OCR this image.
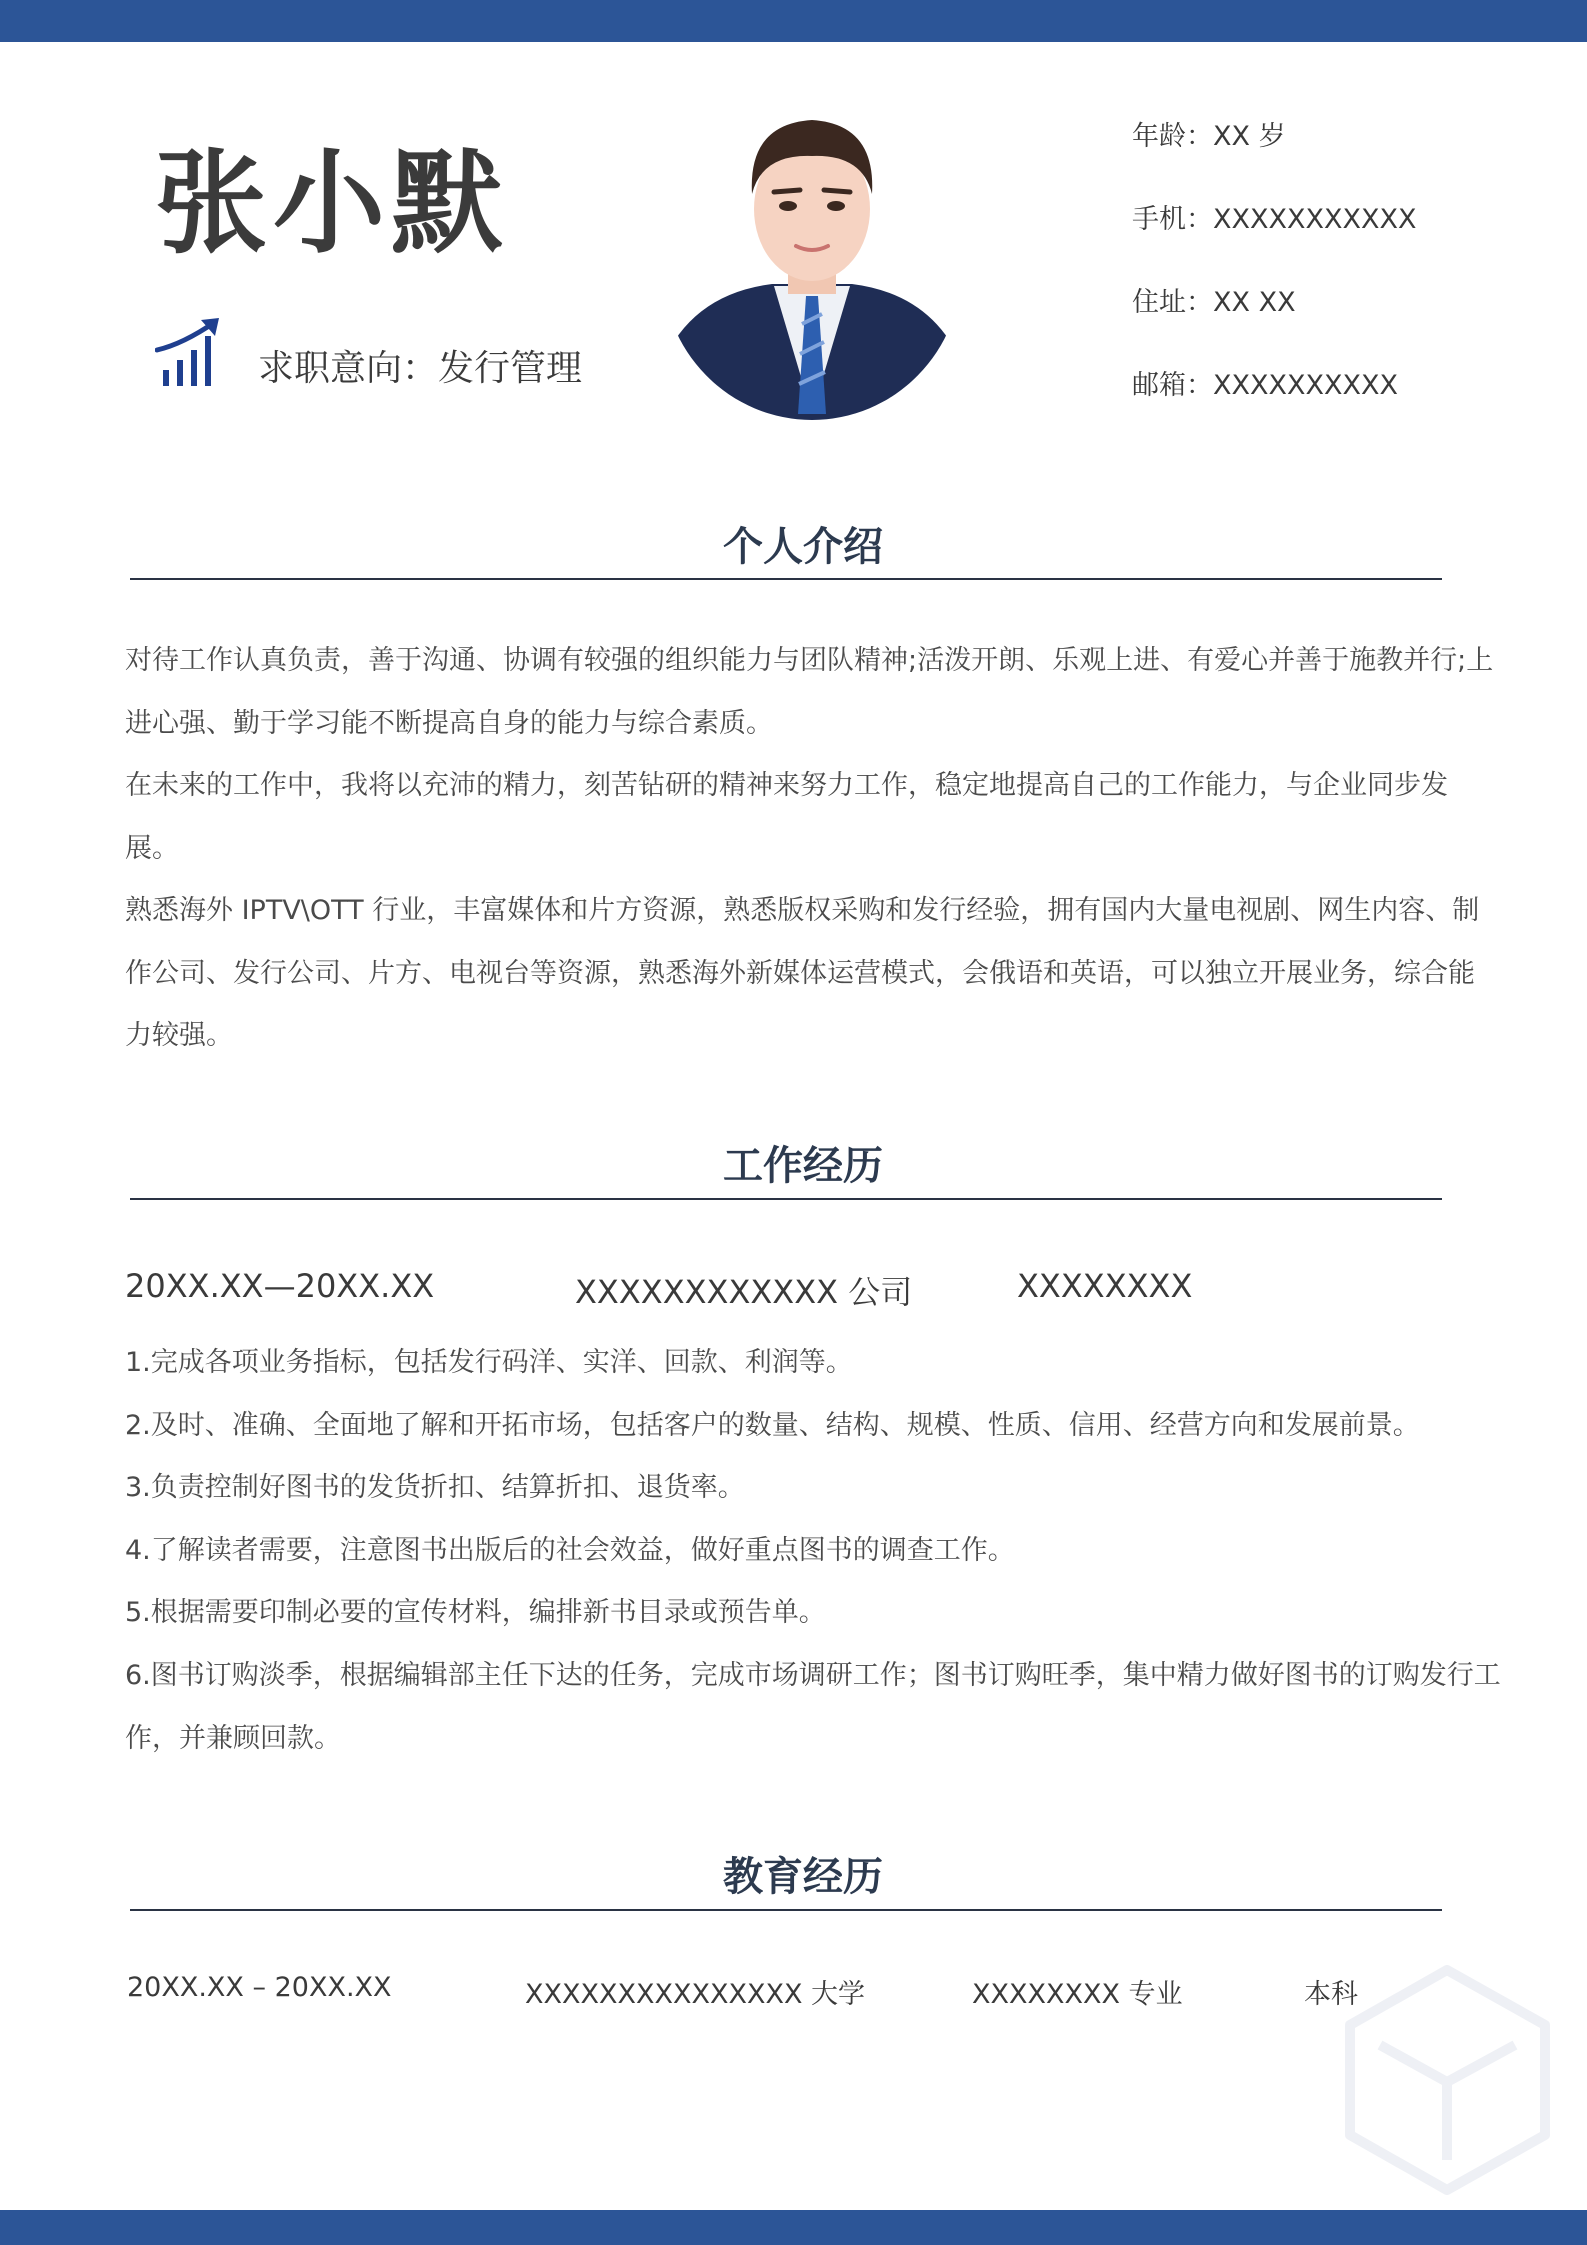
张小默
求职意向：发行管理
年龄：XX 岁
手机：XXXXXXXXXXX
住址：XX XX
邮箱：XXXXXXXXXX
个人介绍

对待工作认真负责，善于沟通、协调有较强的组织能力与团队精神;活泼开朗、乐观上进、有爱心并善于施教并行;上进心强、勤于学习能不断提高自身的能力与综合素质。

在未来的工作中，我将以充沛的精力，刻苦钻研的精神来努力工作，稳定地提高自己的工作能力，与企业同步发展。

熟悉海外 IPTV\OTT 行业，丰富媒体和片方资源，熟悉版权采购和发行经验，拥有国内大量电视剧、网生内容、制作公司、发行公司、片方、电视台等资源，熟悉海外新媒体运营模式，会俄语和英语，可以独立开展业务，综合能力较强。

工作经历
20XX.XX—20XX.XX	XXXXXXXXXXXX 公司	XXXXXXXX

1.完成各项业务指标，包括发行码洋、实洋、回款、利润等。

2.及时、准确、全面地了解和开拓市场，包括客户的数量、结构、规模、性质、信用、经营方向和发展前景。

3.负责控制好图书的发货折扣、结算折扣、退货率。

4.了解读者需要，注意图书出版后的社会效益，做好重点图书的调查工作。

5.根据需要印制必要的宣传材料，编排新书目录或预告单。

6.图书订购淡季，根据编辑部主任下达的任务，完成市场调研工作；图书订购旺季，集中精力做好图书的订购发行工作，并兼顾回款。

教育经历
20XX.XX – 20XX.XX	XXXXXXXXXXXXXXX 大学	XXXXXXXX 专业	本科
